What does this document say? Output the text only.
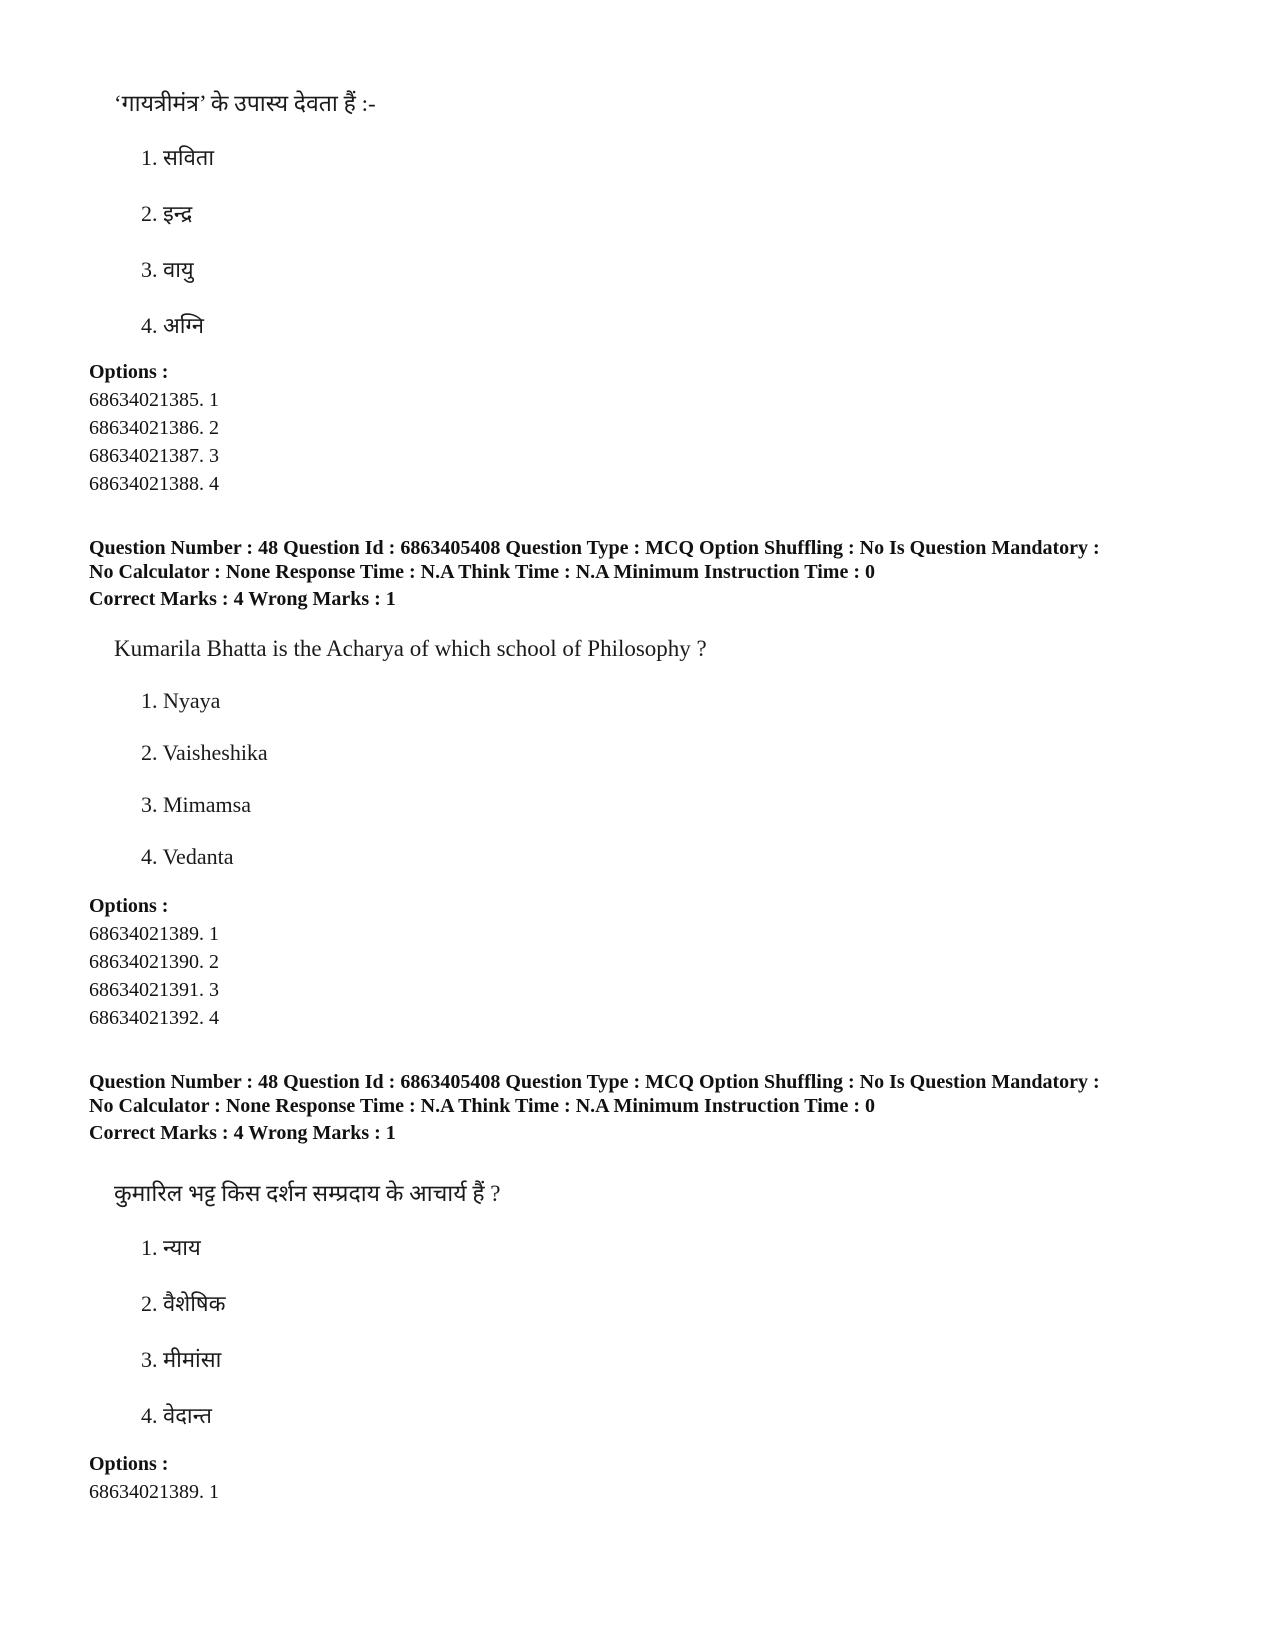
‘गायत्रीमंत्र’ के उपास्य देवता हैं :-
1. सविता
2. इन्द्र
3. वायु
4. अग्नि
Options :
68634021385. 1
68634021386. 2
68634021387. 3
68634021388. 4
Question Number : 48 Question Id : 6863405408 Question Type : MCQ Option Shuffling : No Is Question Mandatory :
No Calculator : None Response Time : N.A Think Time : N.A Minimum Instruction Time : 0
Correct Marks : 4 Wrong Marks : 1
Kumarila Bhatta is the Acharya of which school of Philosophy ?
1. Nyaya
2. Vaisheshika
3. Mimamsa
4. Vedanta
Options :
68634021389. 1
68634021390. 2
68634021391. 3
68634021392. 4
Question Number : 48 Question Id : 6863405408 Question Type : MCQ Option Shuffling : No Is Question Mandatory :
No Calculator : None Response Time : N.A Think Time : N.A Minimum Instruction Time : 0
Correct Marks : 4 Wrong Marks : 1
कुमारिल भट्ट किस दर्शन सम्प्रदाय के आचार्य हैं ?
1. न्याय
2. वैशेषिक
3. मीमांसा
4. वेदान्त
Options :
68634021389. 1
